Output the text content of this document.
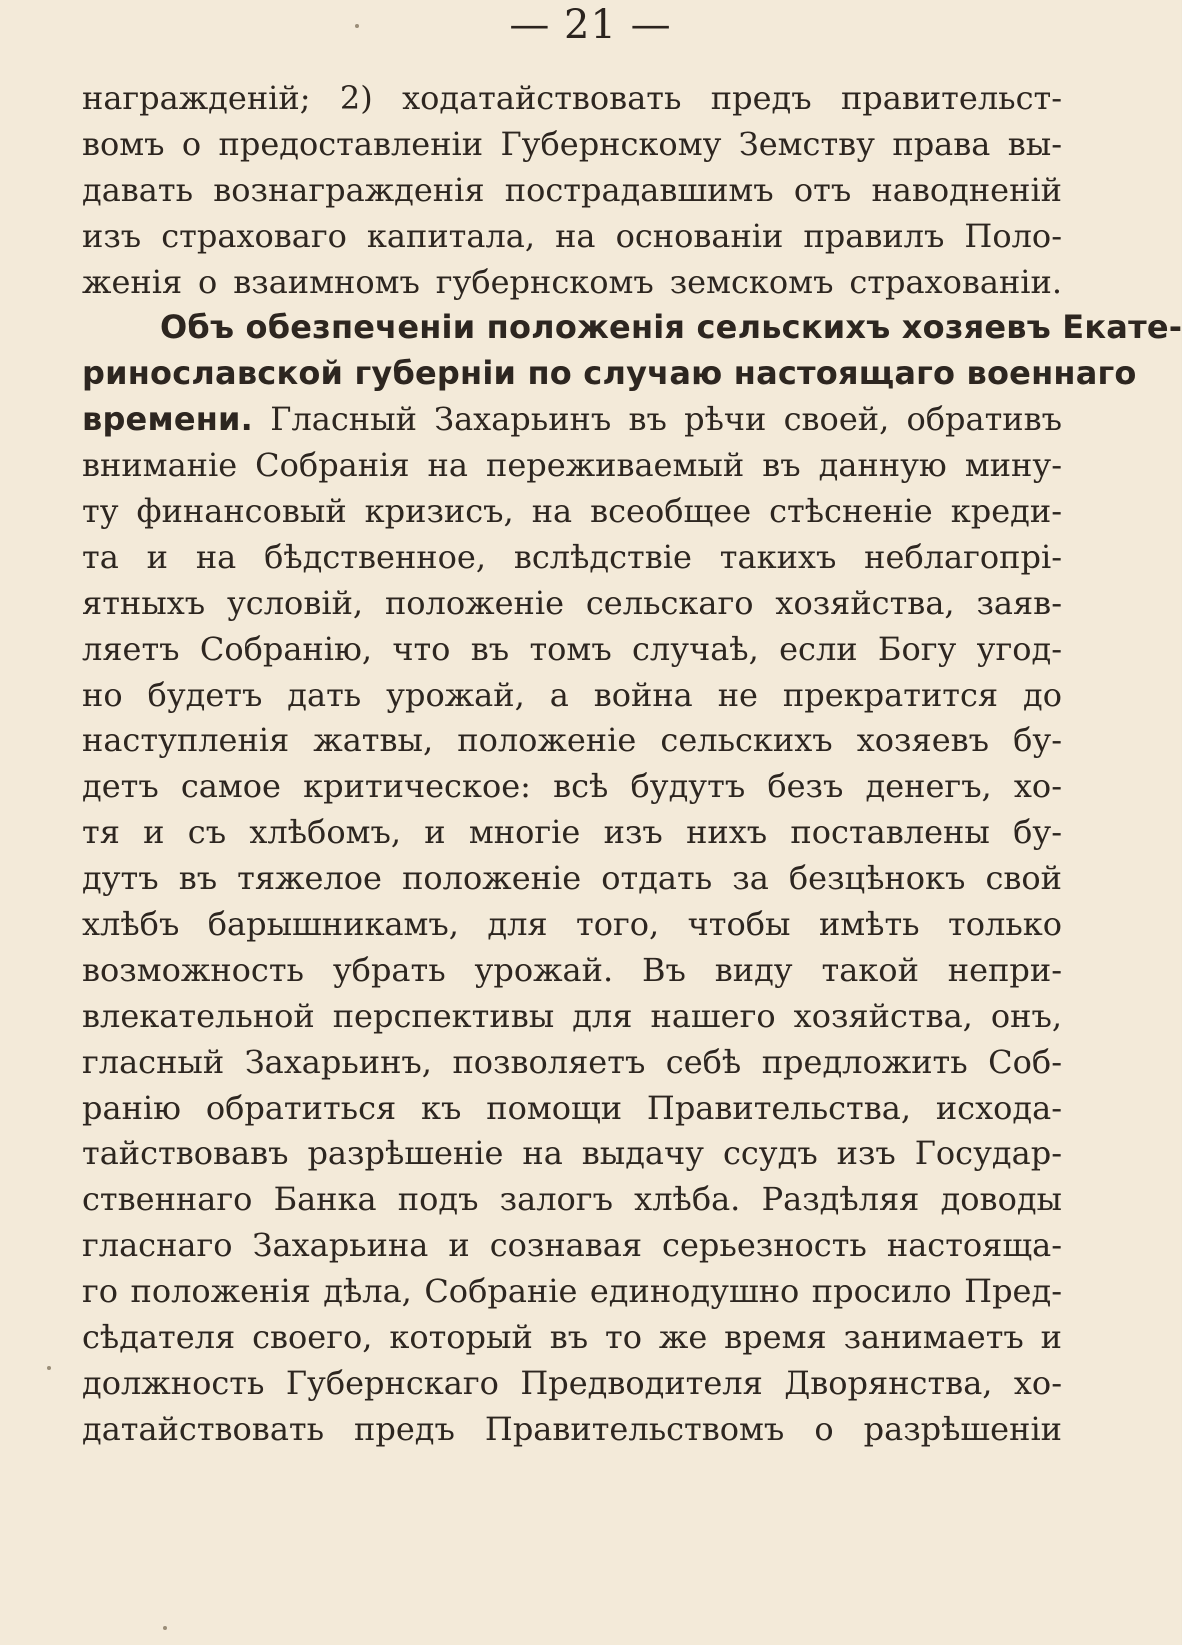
— 21 —
награжденій; 2) ходатайствовать предъ правительст-
вомъ о предоставленіи Губернскому Земству права вы-
давать вознагражденія пострадавшимъ отъ наводненій
изъ страховаго капитала, на основаніи правилъ Поло-
женія о взаимномъ губернскомъ земскомъ страхованіи.
Объ обезпеченіи положенія сельскихъ хозяевъ Екате-
ринославской губерніи по случаю настоящаго военнаго
времени. Гласный Захарьинъ въ рѣчи своей, обративъ
вниманіе Собранія на переживаемый въ данную мину-
ту финансовый кризисъ, на всеобщее стѣсненіе креди-
та и на бѣдственное, вслѣдствіе такихъ неблагопрі-
ятныхъ условій, положеніе сельскаго хозяйства, заяв-
ляетъ Собранію, что въ томъ случаѣ, если Богу угод-
но будетъ дать урожай, а война не прекратится до
наступленія жатвы, положеніе сельскихъ хозяевъ бу-
детъ самое критическое: всѣ будутъ безъ денегъ, хо-
тя и съ хлѣбомъ, и многіе изъ нихъ поставлены бу-
дутъ въ тяжелое положеніе отдать за безцѣнокъ свой
хлѣбъ барышникамъ, для того, чтобы имѣть только
возможность убрать урожай. Въ виду такой непри-
влекательной перспективы для нашего хозяйства, онъ,
гласный Захарьинъ, позволяетъ себѣ предложить Соб-
ранію обратиться къ помощи Правительства, исхода-
тайствовавъ разрѣшеніе на выдачу ссудъ изъ Государ-
ственнаго Банка подъ залогъ хлѣба. Раздѣляя доводы
гласнаго Захарьина и сознавая серьезность настояща-
го положенія дѣла, Собраніе единодушно просило Пред-
сѣдателя своего, который въ то же время занимаетъ и
должность Губернскаго Предводителя Дворянства, хо-
датайствовать предъ Правительствомъ о разрѣшеніи
